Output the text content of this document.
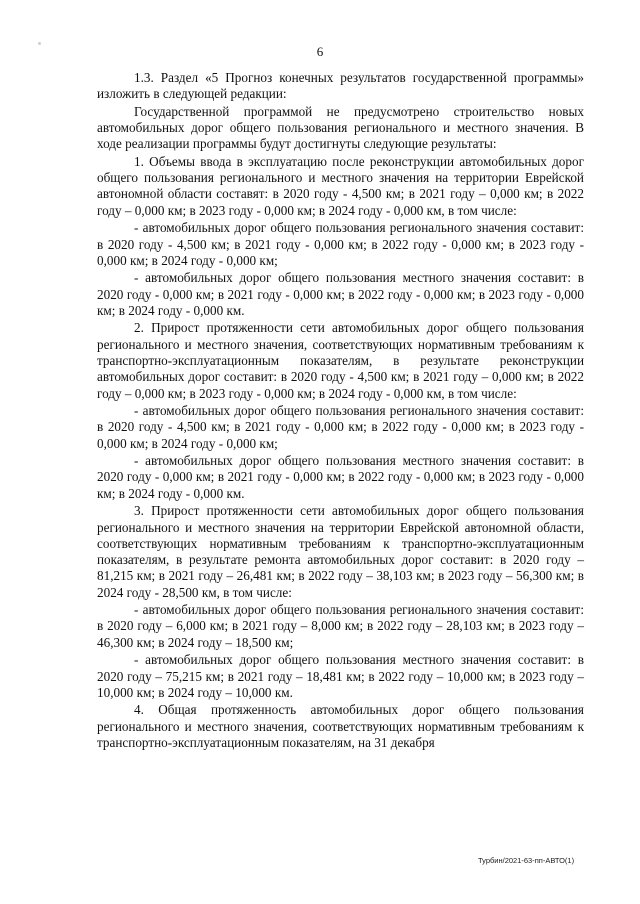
6

1.3. Раздел «5 Прогноз конечных результатов государственной программы» изложить в следующей редакции:

Государственной программой не предусмотрено строительство новых автомобильных дорог общего пользования регионального и местного значения. В ходе реализации программы будут достигнуты следующие результаты:

1. Объемы ввода в эксплуатацию после реконструкции автомобильных дорог общего пользования регионального и местного значения на территории Еврейской автономной области составят: в 2020 году - 4,500 км; в 2021 году – 0,000 км; в 2022 году – 0,000 км; в 2023 году - 0,000 км; в 2024 году - 0,000 км, в том числе:

- автомобильных дорог общего пользования регионального значения составит: в 2020 году - 4,500 км; в 2021 году - 0,000 км; в 2022 году - 0,000 км; в 2023 году - 0,000 км; в 2024 году - 0,000 км;

- автомобильных дорог общего пользования местного значения составит: в 2020 году - 0,000 км; в 2021 году - 0,000 км; в 2022 году - 0,000 км; в 2023 году - 0,000 км; в 2024 году - 0,000 км.

2. Прирост протяженности сети автомобильных дорог общего пользования регионального и местного значения, соответствующих нормативным требованиям к транспортно-эксплуатационным показателям, в результате реконструкции автомобильных дорог составит: в 2020 году - 4,500 км; в 2021 году – 0,000 км; в 2022 году – 0,000 км; в 2023 году - 0,000 км; в 2024 году - 0,000 км, в том числе:

- автомобильных дорог общего пользования регионального значения составит: в 2020 году - 4,500 км; в 2021 году - 0,000 км; в 2022 году - 0,000 км; в 2023 году - 0,000 км; в 2024 году - 0,000 км;

- автомобильных дорог общего пользования местного значения составит: в 2020 году - 0,000 км; в 2021 году - 0,000 км; в 2022 году - 0,000 км; в 2023 году - 0,000 км; в 2024 году - 0,000 км.

3. Прирост протяженности сети автомобильных дорог общего пользования регионального и местного значения на территории Еврейской автономной области, соответствующих нормативным требованиям к транспортно-эксплуатационным показателям, в результате ремонта автомобильных дорог составит: в 2020 году – 81,215 км; в 2021 году – 26,481 км; в 2022 году – 38,103 км; в 2023 году – 56,300 км; в 2024 году - 28,500 км, в том числе:

- автомобильных дорог общего пользования регионального значения составит: в 2020 году – 6,000 км; в 2021 году – 8,000 км; в 2022 году – 28,103 км; в 2023 году – 46,300 км; в 2024 году – 18,500 км;

- автомобильных дорог общего пользования местного значения составит: в 2020 году – 75,215 км; в 2021 году – 18,481 км; в 2022 году – 10,000 км; в 2023 году – 10,000 км; в 2024 году – 10,000 км.

4. Общая протяженность автомобильных дорог общего пользования регионального и местного значения, соответствующих нормативным требованиям к транспортно-эксплуатационным показателям, на 31 декабря

Турбин/2021-63-пп-АВТО(1)
